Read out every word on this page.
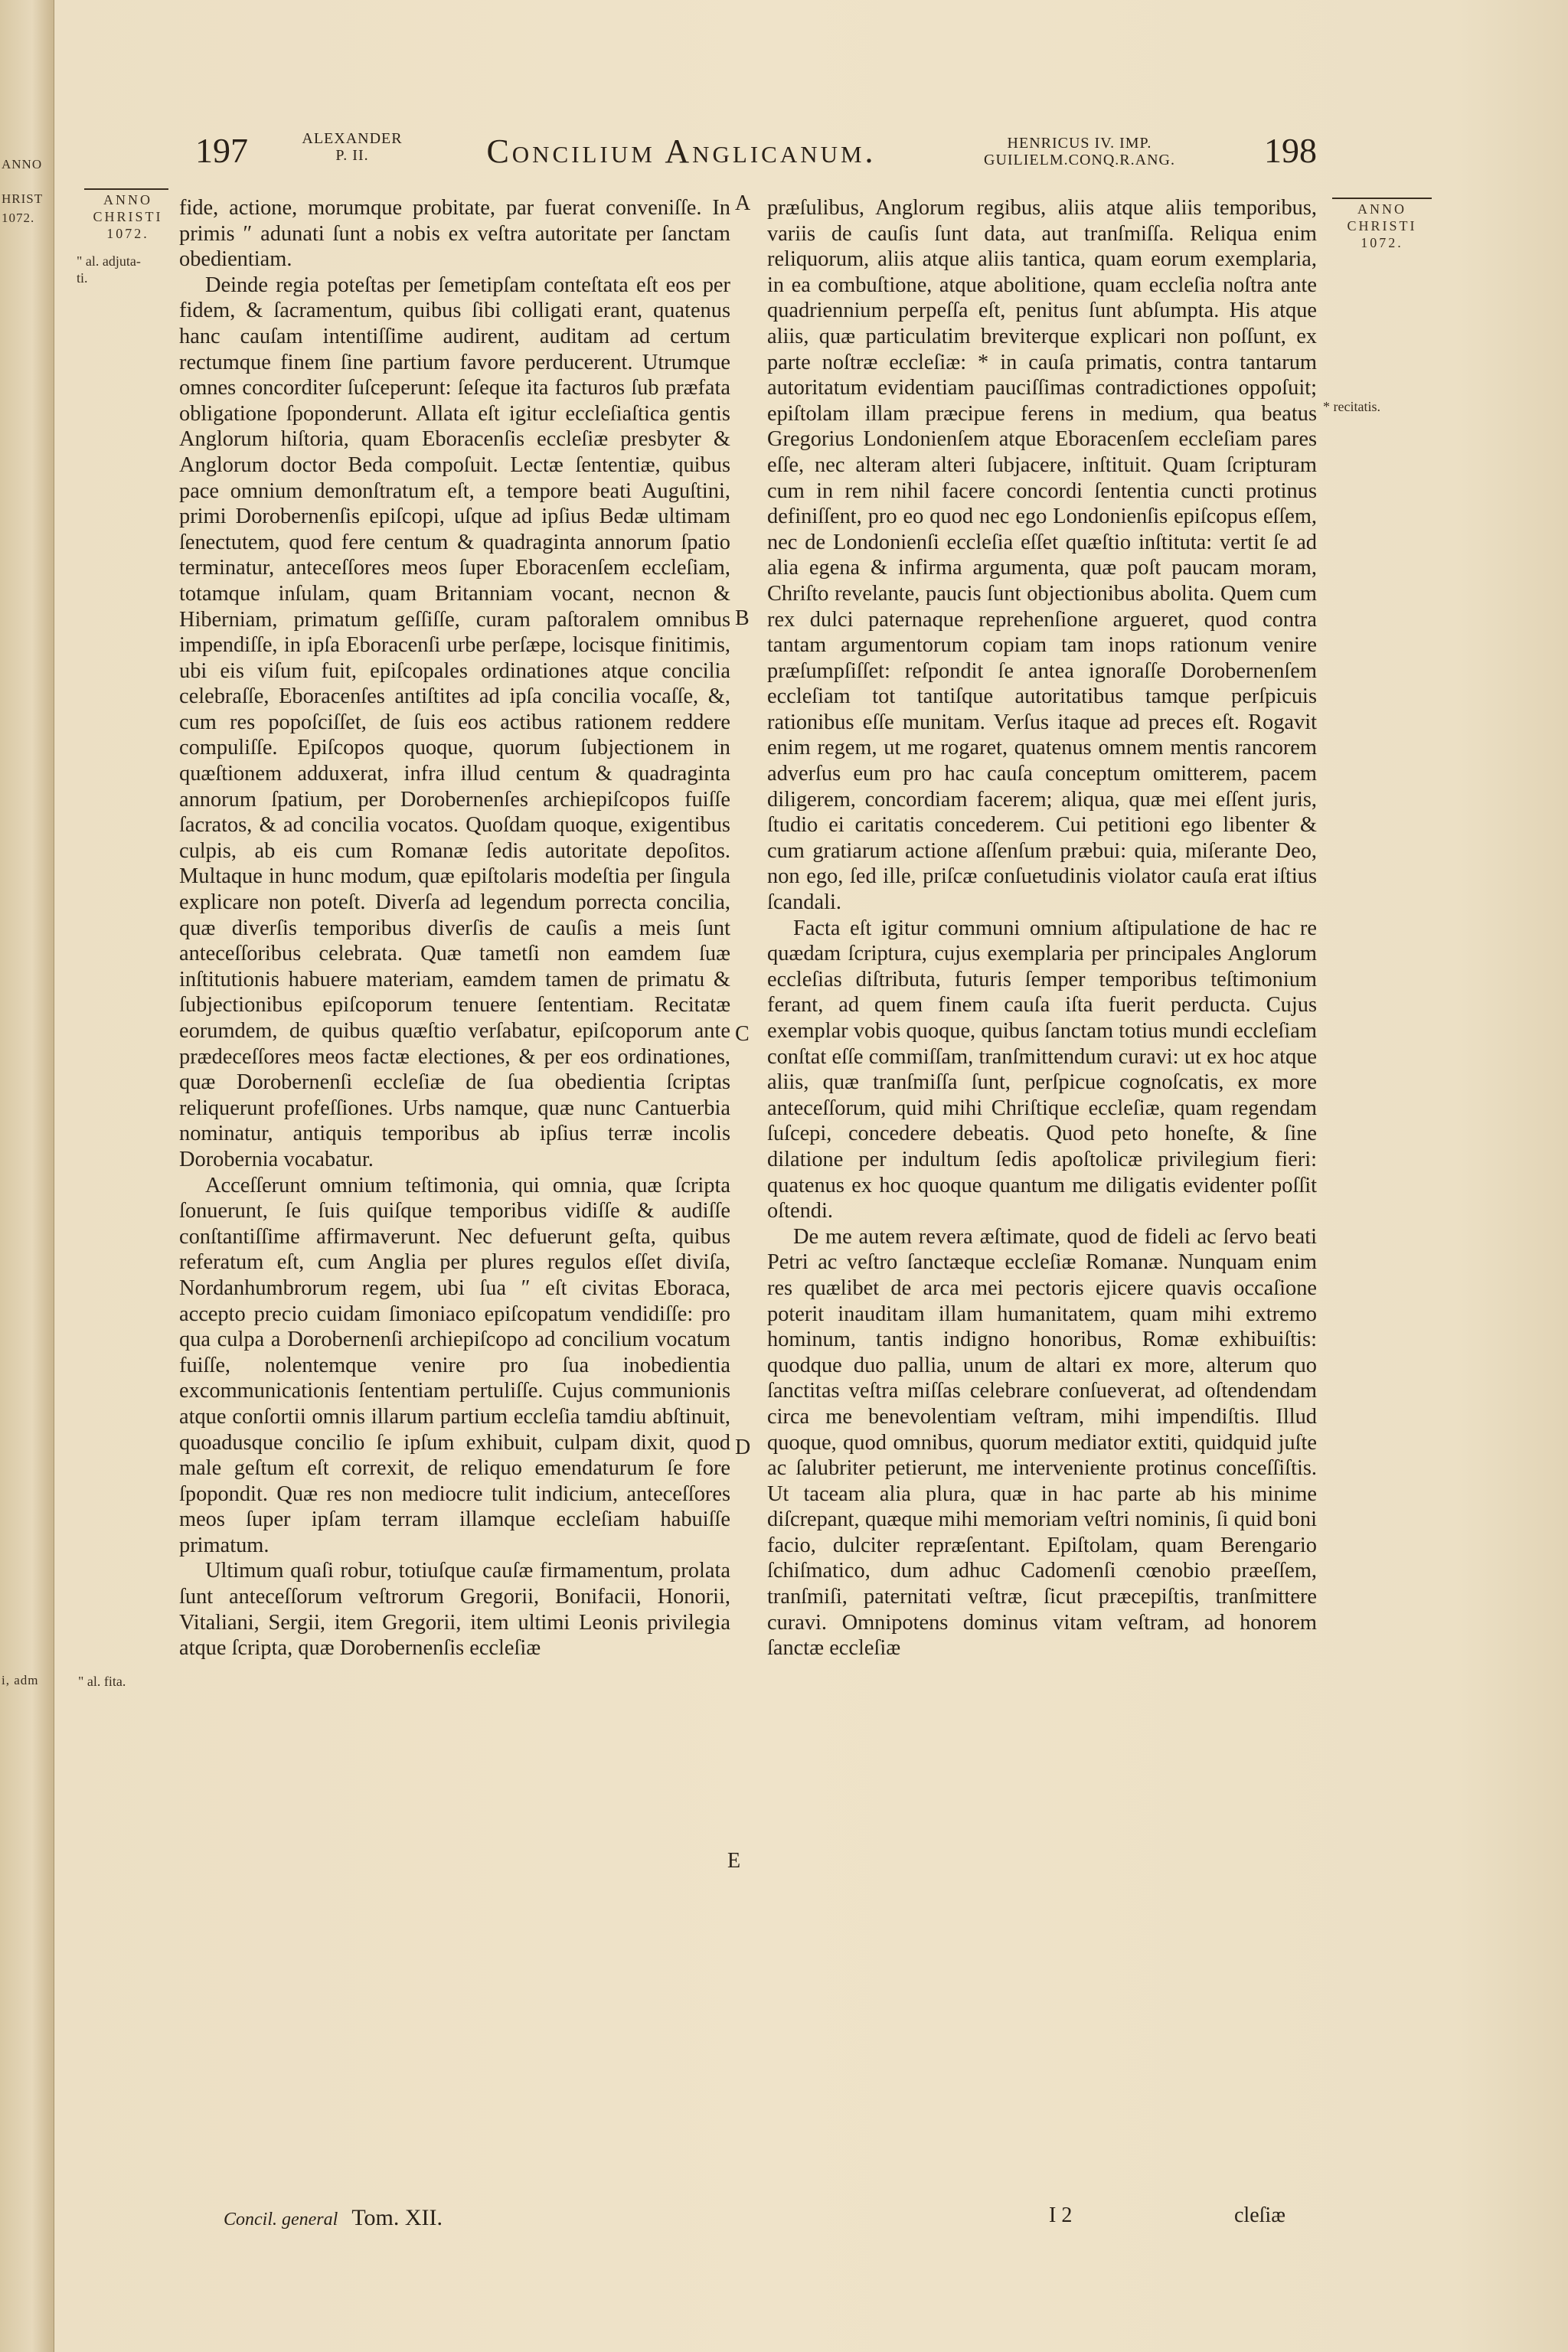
ANNO
HRIST
1072.
i, adm
197	ALEXANDER
P. II.	Concilium Anglicanum.	HENRICUS IV. IMP.
GUILIELM.CONQ.R.ANG.	198
ANNO
CHRISTI
1072.
" al. adjuta-
ti.
" al. fita.
ANNO
CHRISTI
1072.
* recitatis.
A
B
C
D
E

fide, actione, morumque probitate, par fuerat conveniſſe. In primis ″ adunati ſunt a nobis ex veſtra autoritate per ſanctam obedientiam.

Deinde regia poteſtas per ſemetipſam conteſtata eſt eos per fidem, & ſacramentum, quibus ſibi colligati erant, quatenus hanc cauſam intentiſſime audirent, auditam ad certum rectumque finem ſine partium favore perducerent. Utrumque omnes concorditer ſuſceperunt: ſeſeque ita facturos ſub præfata obligatione ſpoponderunt. Allata eſt igitur eccleſiaſtica gentis Anglorum hiſtoria, quam Eboracenſis eccleſiæ presbyter & Anglorum doctor Beda compoſuit. Lectæ ſententiæ, quibus pace omnium demonſtratum eſt, a tempore beati Auguſtini, primi Dorobernenſis epiſcopi, uſque ad ipſius Bedæ ultimam ſenectutem, quod fere centum & quadraginta annorum ſpatio terminatur, anteceſſores meos ſuper Eboracenſem eccleſiam, totamque inſulam, quam Britanniam vocant, necnon & Hiberniam, primatum geſſiſſe, curam paſtoralem omnibus impendiſſe, in ipſa Eboracenſi urbe perſæpe, locisque finitimis, ubi eis viſum fuit, epiſcopales ordinationes atque concilia celebraſſe, Eboracenſes antiſtites ad ipſa concilia vocaſſe, &, cum res popoſciſſet, de ſuis eos actibus rationem reddere compuliſſe. Epiſcopos quoque, quorum ſubjectionem in quæſtionem adduxerat, infra illud centum & quadraginta annorum ſpatium, per Dorobernenſes archiepiſcopos fuiſſe ſacratos, & ad concilia vocatos. Quoſdam quoque, exigentibus culpis, ab eis cum Romanæ ſedis autoritate depoſitos. Multaque in hunc modum, quæ epiſtolaris modeſtia per ſingula explicare non poteſt. Diverſa ad legendum porrecta concilia, quæ diverſis temporibus diverſis de cauſis a meis ſunt anteceſſoribus celebrata. Quæ tametſi non eamdem ſuæ inſtitutionis habuere materiam, eamdem tamen de primatu & ſubjectionibus epiſcoporum tenuere ſententiam. Recitatæ eorumdem, de quibus quæſtio verſabatur, epiſcoporum ante prædeceſſores meos factæ electiones, & per eos ordinationes, quæ Dorobernenſi eccleſiæ de ſua obedientia ſcriptas reliquerunt profeſſiones. Urbs namque, quæ nunc Cantuerbia nominatur, antiquis temporibus ab ipſius terræ incolis Dorobernia vocabatur.

Acceſſerunt omnium teſtimonia, qui omnia, quæ ſcripta ſonuerunt, ſe ſuis quiſque temporibus vidiſſe & audiſſe conſtantiſſime affirmaverunt. Nec defuerunt geſta, quibus referatum eſt, cum Anglia per plures regulos eſſet diviſa, Nordanhumbrorum regem, ubi ſua ″ eſt civitas Eboraca, accepto precio cuidam ſimoniaco epiſcopatum vendidiſſe: pro qua culpa a Dorobernenſi archiepiſcopo ad concilium vocatum fuiſſe, nolentemque venire pro ſua inobedientia excommunicationis ſententiam pertuliſſe. Cujus communionis atque conſortii omnis illarum partium eccleſia tamdiu abſtinuit, quoadusque concilio ſe ipſum exhibuit, culpam dixit, quod male geſtum eſt correxit, de reliquo emendaturum ſe fore ſpopondit. Quæ res non mediocre tulit indicium, anteceſſores meos ſuper ipſam terram illamque eccleſiam habuiſſe primatum.

Ultimum quaſi robur, totiuſque cauſæ firmamentum, prolata ſunt anteceſſorum veſtrorum Gregorii, Bonifacii, Honorii, Vitaliani, Sergii, item Gregorii, item ultimi Leonis privilegia atque ſcripta, quæ Dorobernenſis eccleſiæ

præſulibus, Anglorum regibus, aliis atque aliis temporibus, variis de cauſis ſunt data, aut tranſmiſſa. Reliqua enim reliquorum, aliis atque aliis tantica, quam eorum exemplaria, in ea combuſtione, atque abolitione, quam eccleſia noſtra ante quadriennium perpeſſa eſt, penitus ſunt abſumpta. His atque aliis, quæ particulatim breviterque explicari non poſſunt, ex parte noſtræ eccleſiæ: * in cauſa primatis, contra tantarum autoritatum evidentiam pauciſſimas contradictiones oppoſuit; epiſtolam illam præcipue ferens in medium, qua beatus Gregorius Londonienſem atque Eboracenſem eccleſiam pares eſſe, nec alteram alteri ſubjacere, inſtituit. Quam ſcripturam cum in rem nihil facere concordi ſententia cuncti protinus definiſſent, pro eo quod nec ego Londonienſis epiſcopus eſſem, nec de Londonienſi eccleſia eſſet quæſtio inſtituta: vertit ſe ad alia egena & infirma argumenta, quæ poſt paucam moram, Chriſto revelante, paucis ſunt objectionibus abolita. Quem cum rex dulci paternaque reprehenſione argueret, quod contra tantam argumentorum copiam tam inops rationum venire præſumpſiſſet: reſpondit ſe antea ignoraſſe Dorobernenſem eccleſiam tot tantiſque autoritatibus tamque perſpicuis rationibus eſſe munitam. Verſus itaque ad preces eſt. Rogavit enim regem, ut me rogaret, quatenus omnem mentis rancorem adverſus eum pro hac cauſa conceptum omitterem, pacem diligerem, concordiam facerem; aliqua, quæ mei eſſent juris, ſtudio ei caritatis concederem. Cui petitioni ego libenter & cum gratiarum actione aſſenſum præbui: quia, miſerante Deo, non ego, ſed ille, priſcæ conſuetudinis violator cauſa erat iſtius ſcandali.

Facta eſt igitur communi omnium aſtipulatione de hac re quædam ſcriptura, cujus exemplaria per principales Anglorum eccleſias diſtributa, futuris ſemper temporibus teſtimonium ferant, ad quem finem cauſa iſta fuerit perducta. Cujus exemplar vobis quoque, quibus ſanctam totius mundi eccleſiam conſtat eſſe commiſſam, tranſmittendum curavi: ut ex hoc atque aliis, quæ tranſmiſſa ſunt, perſpicue cognoſcatis, ex more anteceſſorum, quid mihi Chriſtique eccleſiæ, quam regendam ſuſcepi, concedere debeatis. Quod peto honeſte, & ſine dilatione per indultum ſedis apoſtolicæ privilegium fieri: quatenus ex hoc quoque quantum me diligatis evidenter poſſit oſtendi.

De me autem revera æſtimate, quod de fideli ac ſervo beati Petri ac veſtro ſanctæque eccleſiæ Romanæ. Nunquam enim res quælibet de arca mei pectoris ejicere quavis occaſione poterit inauditam illam humanitatem, quam mihi extremo hominum, tantis indigno honoribus, Romæ exhibuiſtis: quodque duo pallia, unum de altari ex more, alterum quo ſanctitas veſtra miſſas celebrare conſueverat, ad oſtendendam circa me benevolentiam veſtram, mihi impendiſtis. Illud quoque, quod omnibus, quorum mediator extiti, quidquid juſte ac ſalubriter petierunt, me interveniente protinus conceſſiſtis. Ut taceam alia plura, quæ in hac parte ab his minime diſcrepant, quæque mihi memoriam veſtri nominis, ſi quid boni facio, dulciter repræſentant. Epiſtolam, quam Berengario ſchiſmatico, dum adhuc Cadomenſi cœnobio præeſſem, tranſmiſi, paternitati veſtræ, ſicut præcepiſtis, tranſmittere curavi. Omnipotens dominus vitam veſtram, ad honorem ſanctæ eccleſiæ

Concil. general Tom. XII.	I 2	cleſiæ
